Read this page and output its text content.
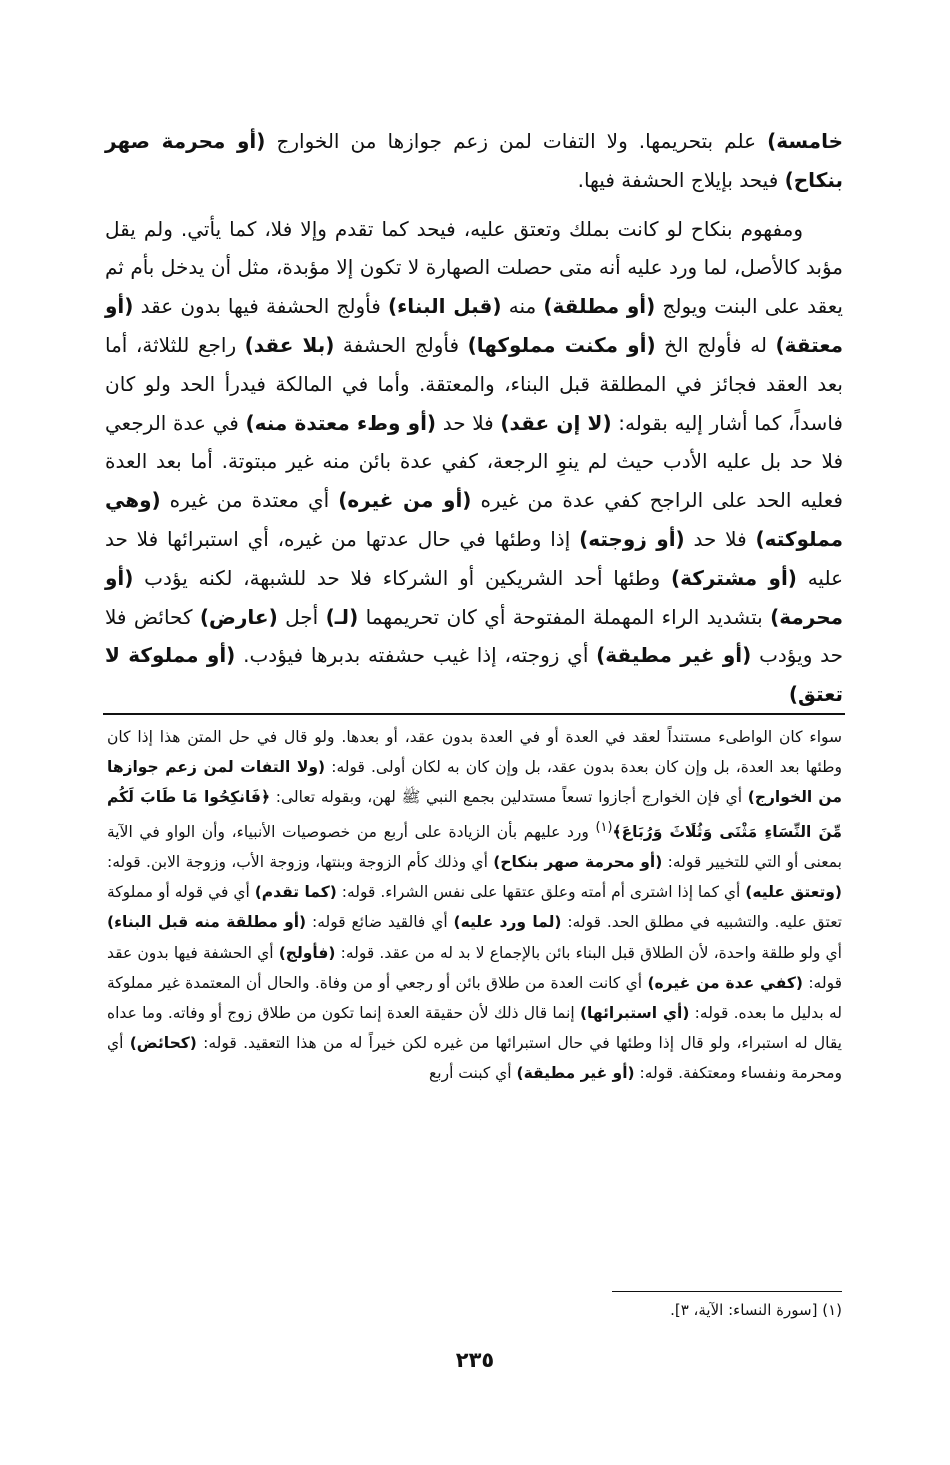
خامسة) علم بتحريمها. ولا التفات لمن زعم جوازها من الخوارج (أو محرمة صهر بنكاح) فيحد بإيلاج الحشفة فيها.

ومفهوم بنكاح لو كانت بملك وتعتق عليه، فيحد كما تقدم وإلا فلا، كما يأتي. ولم يقل مؤبد كالأصل، لما ورد عليه أنه متى حصلت الصهارة لا تكون إلا مؤبدة، مثل أن يدخل بأم ثم يعقد على البنت ويولج (أو مطلقة) منه (قبل البناء) فأولج الحشفة فيها بدون عقد (أو معتقة) له فأولج الخ (أو مكنت مملوكها) فأولج الحشفة (بلا عقد) راجع للثلاثة، أما بعد العقد فجائز في المطلقة قبل البناء، والمعتقة. وأما في المالكة فيدرأ الحد ولو كان فاسداً، كما أشار إليه بقوله: (لا إن عقد) فلا حد (أو وطء معتدة منه) في عدة الرجعي فلا حد بل عليه الأدب حيث لم ينوِ الرجعة، كفي عدة بائن منه غير مبتوتة. أما بعد العدة فعليه الحد على الراجح كفي عدة من غيره (أو من غيره) أي معتدة من غيره (وهي مملوكته) فلا حد (أو زوجته) إذا وطئها في حال عدتها من غيره، أي استبرائها فلا حد عليه (أو مشتركة) وطئها أحد الشريكين أو الشركاء فلا حد للشبهة، لكنه يؤدب (أو محرمة) بتشديد الراء المهملة المفتوحة أي كان تحريمهما (لـ) أجل (عارض) كحائض فلا حد ويؤدب (أو غير مطيقة) أي زوجته، إذا غيب حشفته بدبرها فيؤدب. (أو مملوكة لا تعتق)

سواء كان الواطىء مستنداً لعقد في العدة أو في العدة بدون عقد، أو بعدها. ولو قال في حل المتن هذا إذا كان وطئها بعد العدة، بل وإن كان بعدة بدون عقد، بل وإن كان به لكان أولى. قوله: (ولا التفات لمن زعم جوازها من الخوارج) أي فإن الخوارج أجازوا تسعاً مستدلين بجمع النبي ﷺ لهن، وبقوله تعالى: ﴿فَانكِحُوا مَا طَابَ لَكُم مِّنَ النِّسَاءِ مَثْنَى وَثُلَاثَ وَرُبَاعَ﴾$^{(١)}$ ورد عليهم بأن الزيادة على أربع من خصوصيات الأنبياء، وأن الواو في الآية بمعنى أو التي للتخيير قوله: (أو محرمة صهر بنكاح) أي وذلك كأم الزوجة وبنتها، وزوجة الأب، وزوجة الابن. قوله: (وتعتق عليه) أي كما إذا اشترى أم أمته وعلق عتقها على نفس الشراء. قوله: (كما تقدم) أي في قوله أو مملوكة تعتق عليه. والتشبيه في مطلق الحد. قوله: (لما ورد عليه) أي فالقيد ضائع قوله: (أو مطلقة منه قبل البناء) أي ولو طلقة واحدة، لأن الطلاق قبل البناء بائن بالإجماع لا بد له من عقد. قوله: (فأولج) أي الحشفة فيها بدون عقد قوله: (كفي عدة من غيره) أي كانت العدة من طلاق بائن أو رجعي أو من وفاة. والحال أن المعتمدة غير مملوكة له بدليل ما بعده. قوله: (أي استبرائها) إنما قال ذلك لأن حقيقة العدة إنما تكون من طلاق زوج أو وفاته. وما عداه يقال له استبراء، ولو قال إذا وطئها في حال استبرائها من غيره لكن خيراً له من هذا التعقيد. قوله: (كحائض) أي ومحرمة ونفساء ومعتكفة. قوله: (أو غير مطيقة) أي كبنت أربع

(١) [سورة النساء: الآية، ٣].
٢٣٥
